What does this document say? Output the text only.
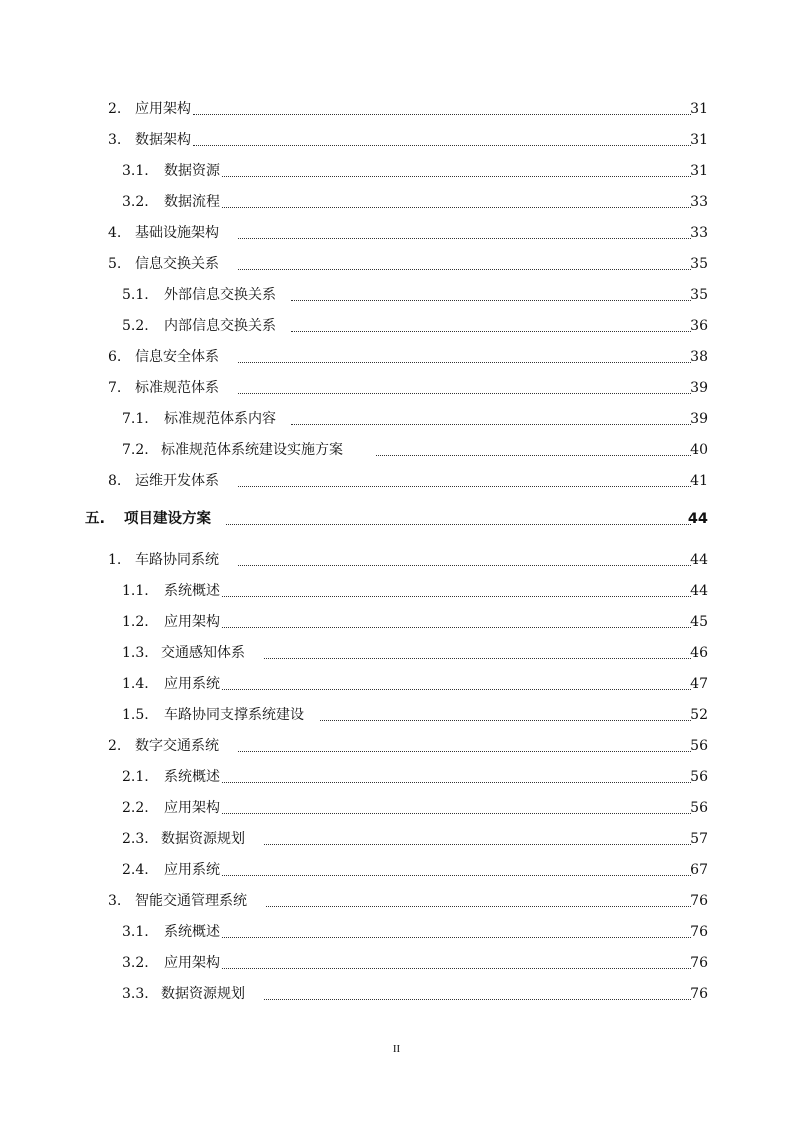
2. 应用架构	31
3. 数据架构	31
3.1. 数据资源	31
3.2. 数据流程	33
4. 基础设施架构	33
5. 信息交换关系	35
5.1. 外部信息交换关系	35
5.2. 内部信息交换关系	36
6. 信息安全体系	38
7. 标准规范体系	39
7.1. 标准规范体系内容	39
7.2. 标准规范体系统建设实施方案	40
8. 运维开发体系	41
五. 项目建设方案	44
1. 车路协同系统	44
1.1. 系统概述	44
1.2. 应用架构	45
1.3. 交通感知体系	46
1.4. 应用系统	47
1.5. 车路协同支撑系统建设	52
2. 数字交通系统	56
2.1. 系统概述	56
2.2. 应用架构	56
2.3. 数据资源规划	57
2.4. 应用系统	67
3. 智能交通管理系统	76
3.1. 系统概述	76
3.2. 应用架构	76
3.3. 数据资源规划	76
II
